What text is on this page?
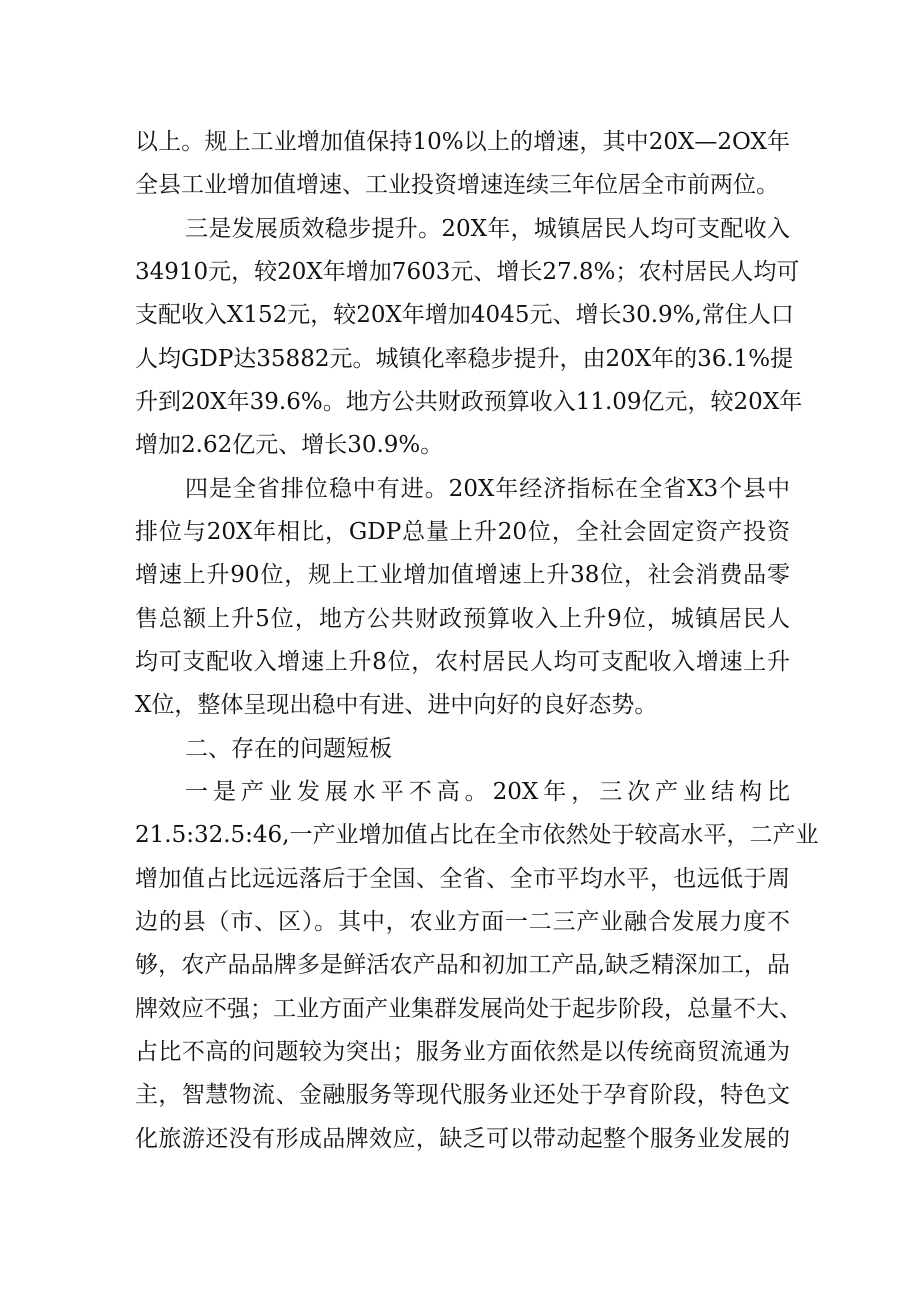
以上。规上工业增加值保持10%以上的增速，其中20X—2OX年
全县工业增加值增速、工业投资增速连续三年位居全市前两位。
三是发展质效稳步提升。20X年，城镇居民人均可支配收入
34910元，较20X年增加7603元、增长27.8%；农村居民人均可
支配收入X152元，较20X年增加4045元、增长30.9%,常住人口
人均GDP达35882元。城镇化率稳步提升，由20X年的36.1%提
升到20X年39.6%。地方公共财政预算收入11.09亿元，较20X年
增加2.62亿元、增长30.9%。
四是全省排位稳中有进。20X年经济指标在全省X3个县中
排位与20X年相比，GDP总量上升20位，全社会固定资产投资
增速上升90位，规上工业增加值增速上升38位，社会消费品零
售总额上升5位，地方公共财政预算收入上升9位，城镇居民人
均可支配收入增速上升8位，农村居民人均可支配收入增速上升
X位，整体呈现出稳中有进、进中向好的良好态势。
二、存在的问题短板
一是产业发展水平不高。20X年，三次产业结构比
21.5:32.5:46,一产业增加值占比在全市依然处于较高水平，二产业
增加值占比远远落后于全国、全省、全市平均水平，也远低于周
边的县（市、区）。其中，农业方面一二三产业融合发展力度不
够，农产品品牌多是鲜活农产品和初加工产品,缺乏精深加工，品
牌效应不强；工业方面产业集群发展尚处于起步阶段，总量不大、
占比不高的问题较为突出；服务业方面依然是以传统商贸流通为
主，智慧物流、金融服务等现代服务业还处于孕育阶段，特色文
化旅游还没有形成品牌效应，缺乏可以带动起整个服务业发展的
